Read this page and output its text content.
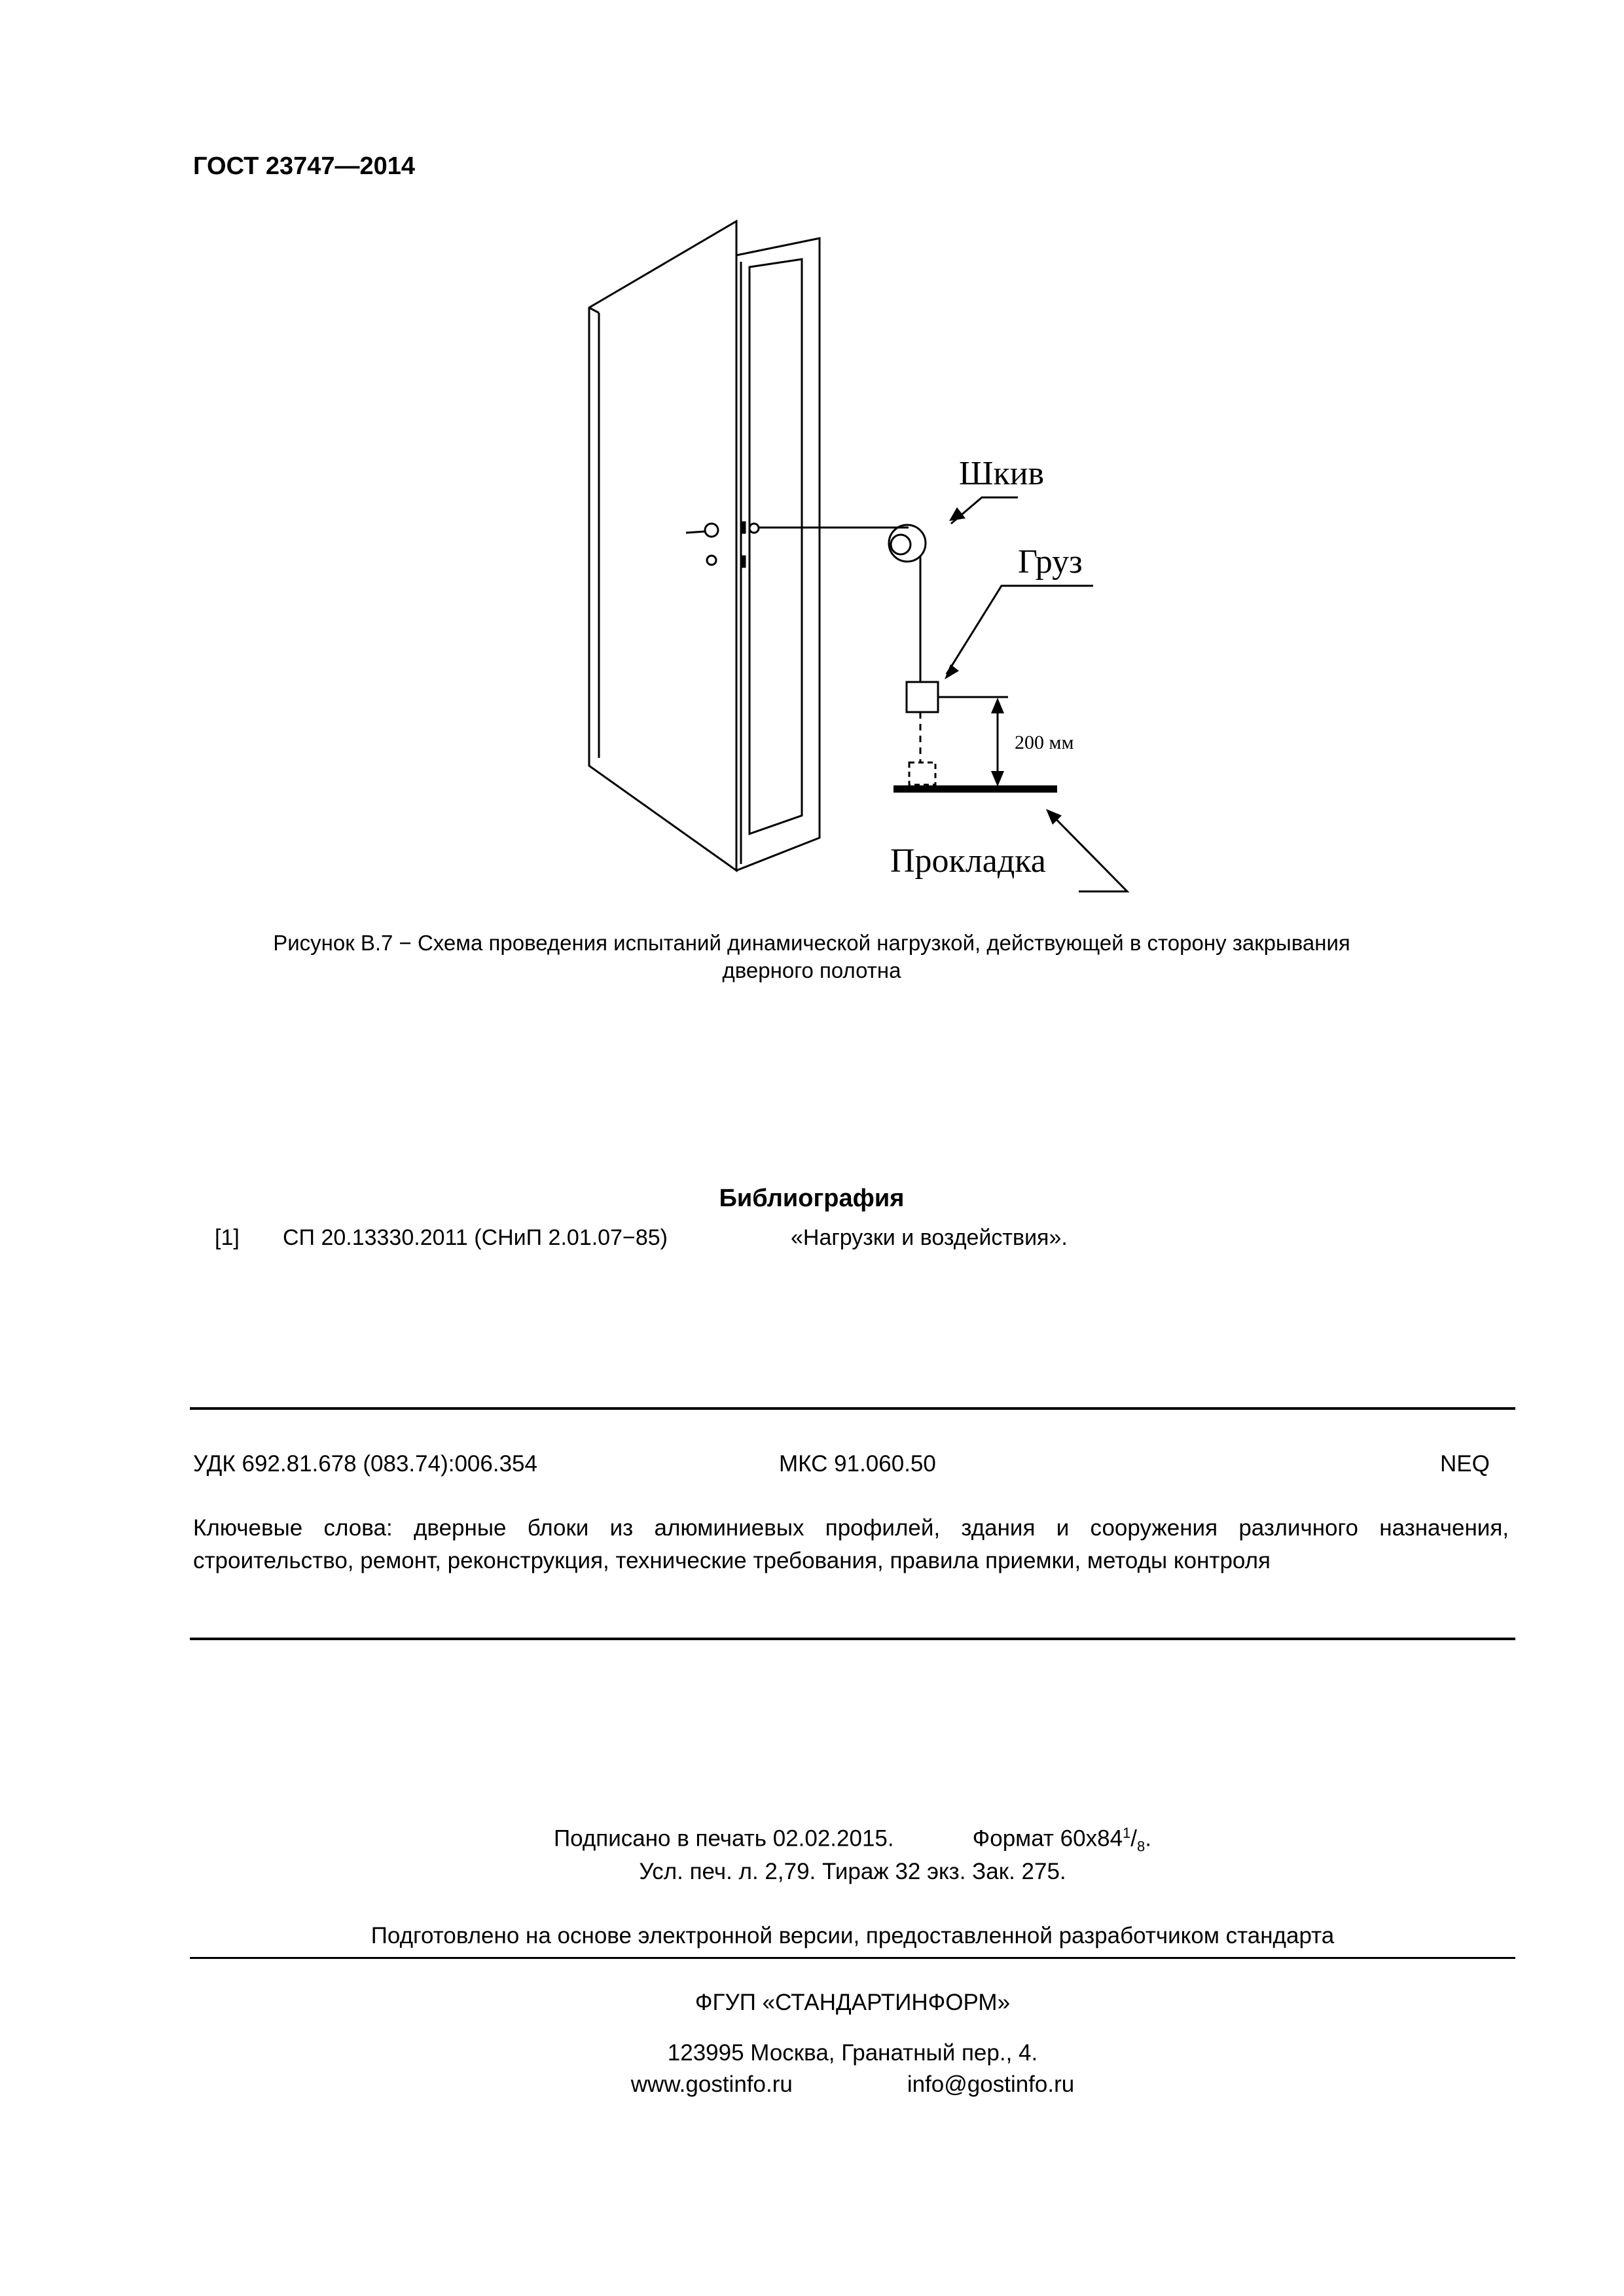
ГОСТ 23747—2014
Шкив
Груз
200 мм
Прокладка
Рисунок В.7 − Схема проведения испытаний динамической нагрузкой, действующей в сторону закрывания
дверного полотна
Библиография
[1] СП 20.13330.2011 (СНиП 2.01.07−85)	«Нагрузки и воздействия».
УДК 692.81.678 (083.74):006.354	МКС 91.060.50	NEQ
Ключевые слова: дверные блоки из алюминиевых профилей, здания и сооружения различного назначения, строительство, ремонт, реконструкция, технические требования, правила приемки, методы контроля
Подписано в печать 02.02.2015.	Формат $60x84^1/_8$.
Усл. печ. л. 2,79. Тираж 32 экз. Зак. 275.
Подготовлено на основе электронной версии, предоставленной разработчиком стандарта
ФГУП «СТАНДАРТИНФОРМ»
123995 Москва, Гранатный пер., 4.
www.gostinfo.ru	info@gostinfo.ru
